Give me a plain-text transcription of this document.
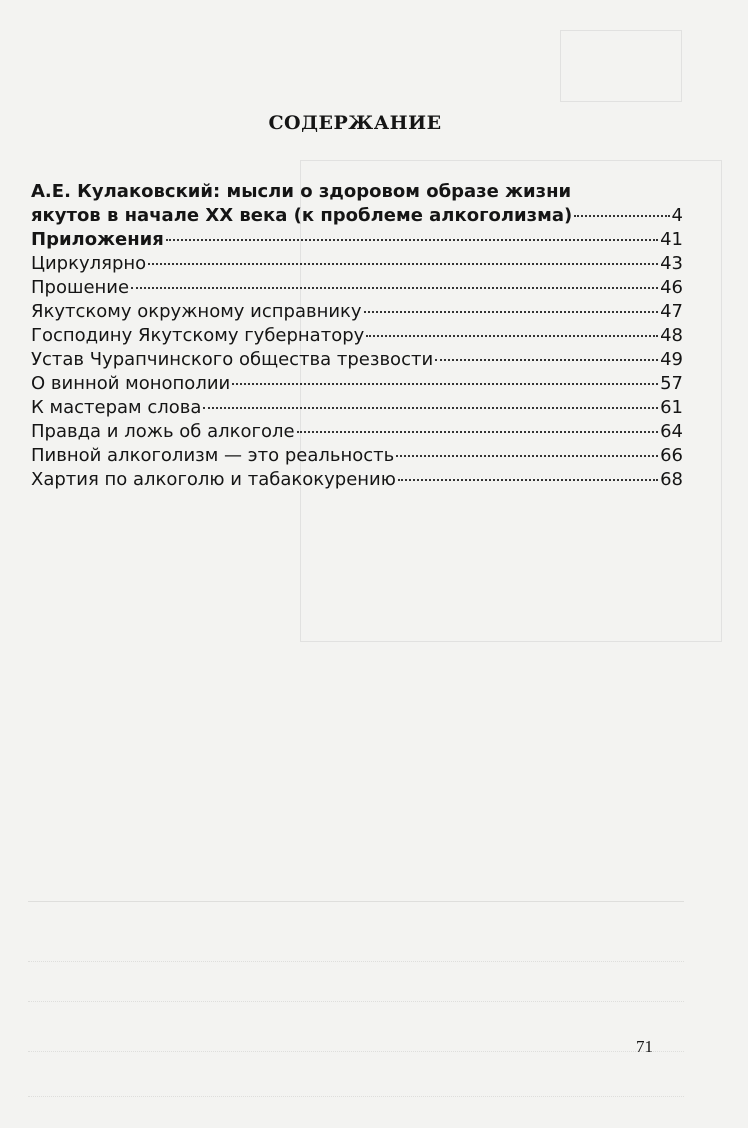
СОДЕРЖАНИЕ
А.Е. Кулаковский: мысли о здоровом образе жизни
якутов в начале XX века (к проблеме алкоголизма)	4
Приложения	41
Циркулярно	43
Прошение	46
Якутскому окружному исправнику	47
Господину Якутскому губернатору	48
Устав Чурапчинского общества трезвости	49
О винной монополии	57
К мастерам слова	61
Правда и ложь об алкоголе	64
Пивной алкоголизм — это реальность	66
Хартия по алкоголю и табакокурению	68
71
